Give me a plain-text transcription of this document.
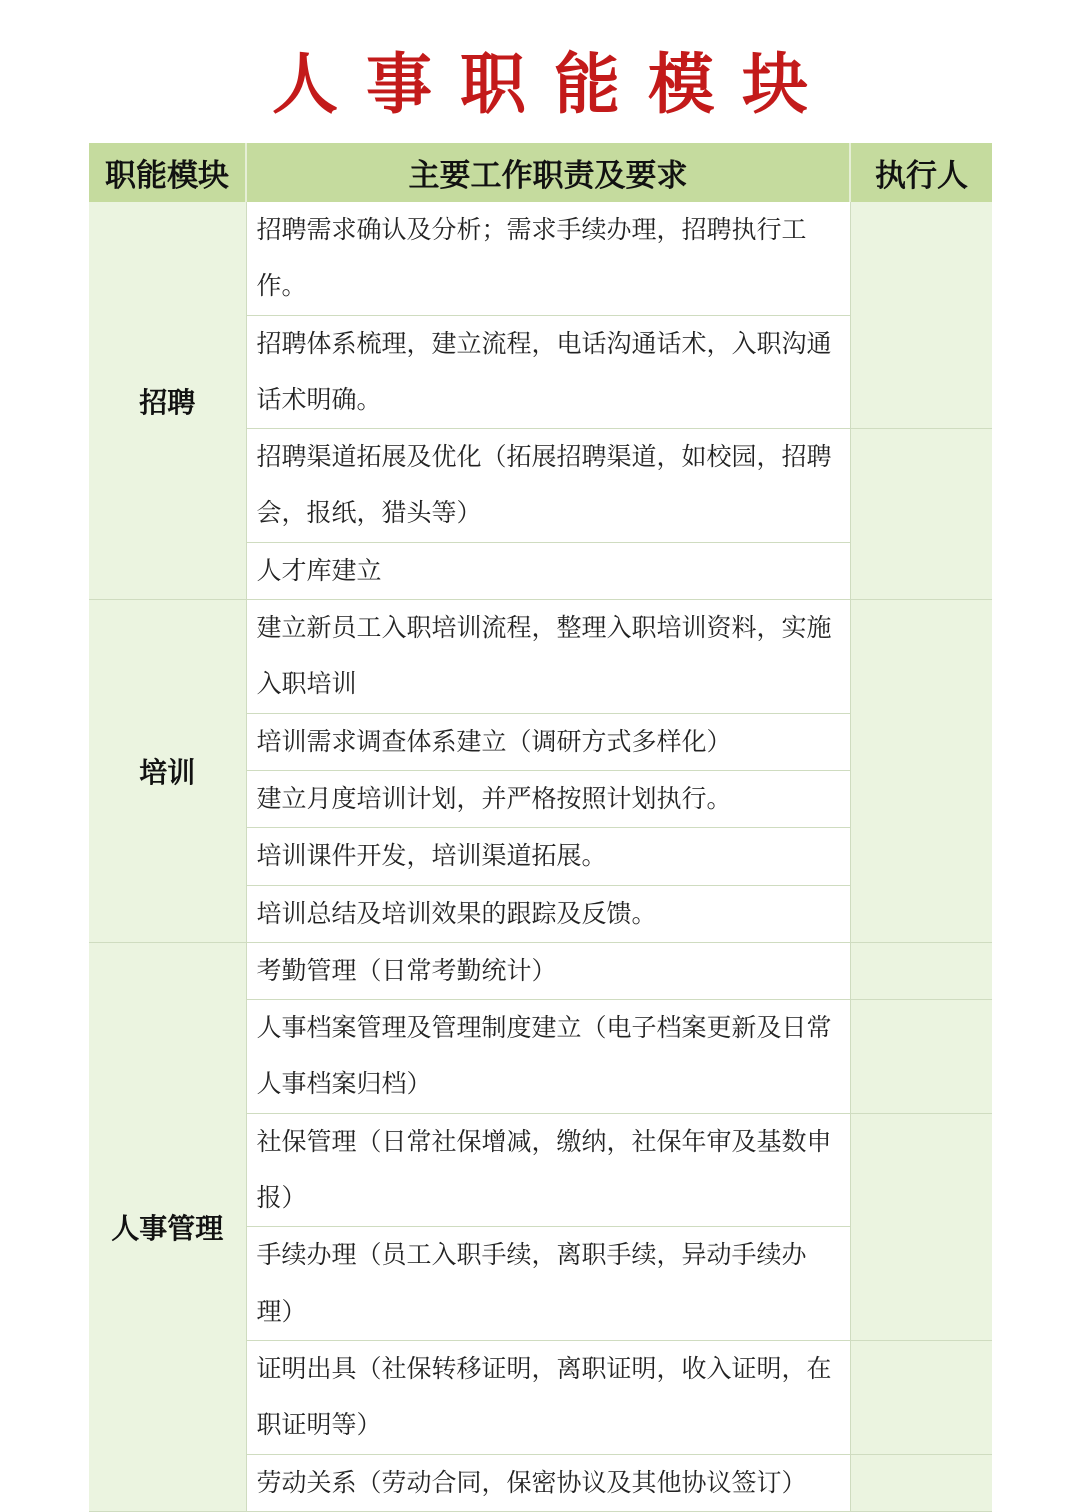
人事职能模块
职能模块	主要工作职责及要求	执行人
招聘	招聘需求确认及分析；需求手续办理，招聘执行工作。	
	招聘体系梳理，建立流程，电话沟通话术，入职沟通话术明确。	
	招聘渠道拓展及优化（拓展招聘渠道，如校园，招聘会，报纸，猎头等）	
	人才库建立	
培训	建立新员工入职培训流程，整理入职培训资料，实施入职培训	
	培训需求调查体系建立（调研方式多样化）	
	建立月度培训计划，并严格按照计划执行。	
	培训课件开发，培训渠道拓展。	
	培训总结及培训效果的跟踪及反馈。	
人事管理	考勤管理（日常考勤统计）	
	人事档案管理及管理制度建立（电子档案更新及日常人事档案归档）	
	社保管理（日常社保增减，缴纳，社保年审及基数申报）	
	手续办理（员工入职手续，离职手续，异动手续办理）	
	证明出具（社保转移证明，离职证明，收入证明，在职证明等）	
	劳动关系（劳动合同，保密协议及其他协议签订）	
